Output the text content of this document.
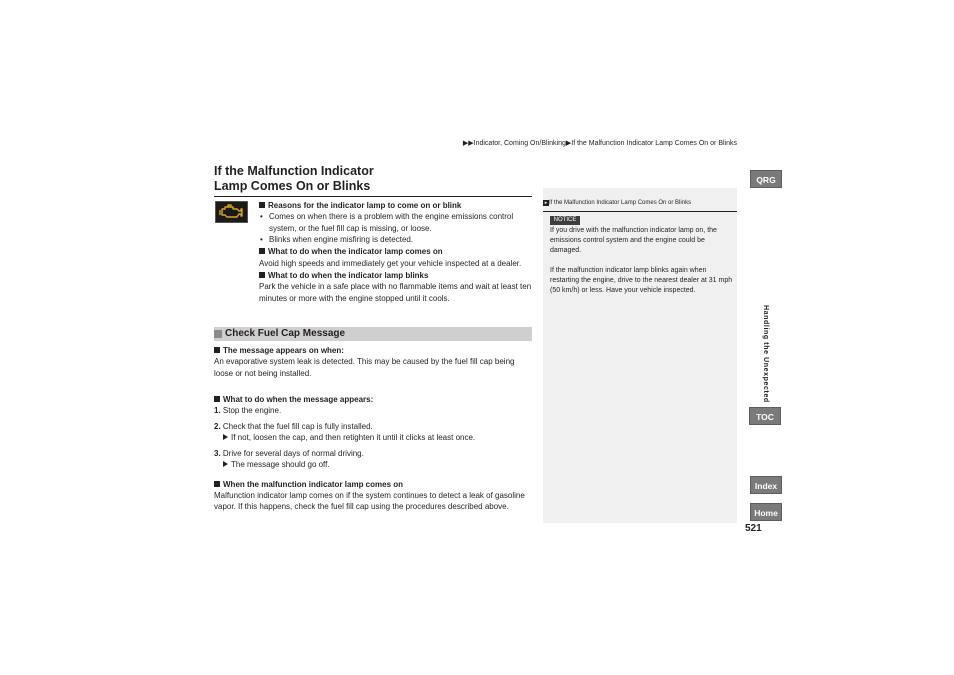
▶▶Indicator, Coming On/Blinking▶If the Malfunction Indicator Lamp Comes On or Blinks
If the Malfunction Indicator
Lamp Comes On or Blinks
Reasons for the indicator lamp to come on or blink
• Comes on when there is a problem with the engine emissions control system, or the fuel fill cap is missing, or loose.
• Blinks when engine misfiring is detected.
What to do when the indicator lamp comes on
Avoid high speeds and immediately get your vehicle inspected at a dealer.
What to do when the indicator lamp blinks
Park the vehicle in a safe place with no flammable items and wait at least ten minutes or more with the engine stopped until it cools.
Check Fuel Cap Message
The message appears on when:
An evaporative system leak is detected. This may be caused by the fuel fill cap being loose or not being installed.
What to do when the message appears:
1. Stop the engine.
2. Check that the fuel fill cap is fully installed.
If not, loosen the cap, and then retighten it until it clicks at least once.
3. Drive for several days of normal driving.
The message should go off.
When the malfunction indicator lamp comes on
Malfunction indicator lamp comes on if the system continues to detect a leak of gasoline vapor. If this happens, check the fuel fill cap using the procedures described above.
▸ If the Malfunction Indicator Lamp Comes On or Blinks
NOTICE
If you drive with the malfunction indicator lamp on, the emissions control system and the engine could be damaged.
If the malfunction indicator lamp blinks again when restarting the engine, drive to the nearest dealer at 31 mph (50 km/h) or less. Have your vehicle inspected.
QRG
Handling the Unexpected
TOC
Index
Home
521
